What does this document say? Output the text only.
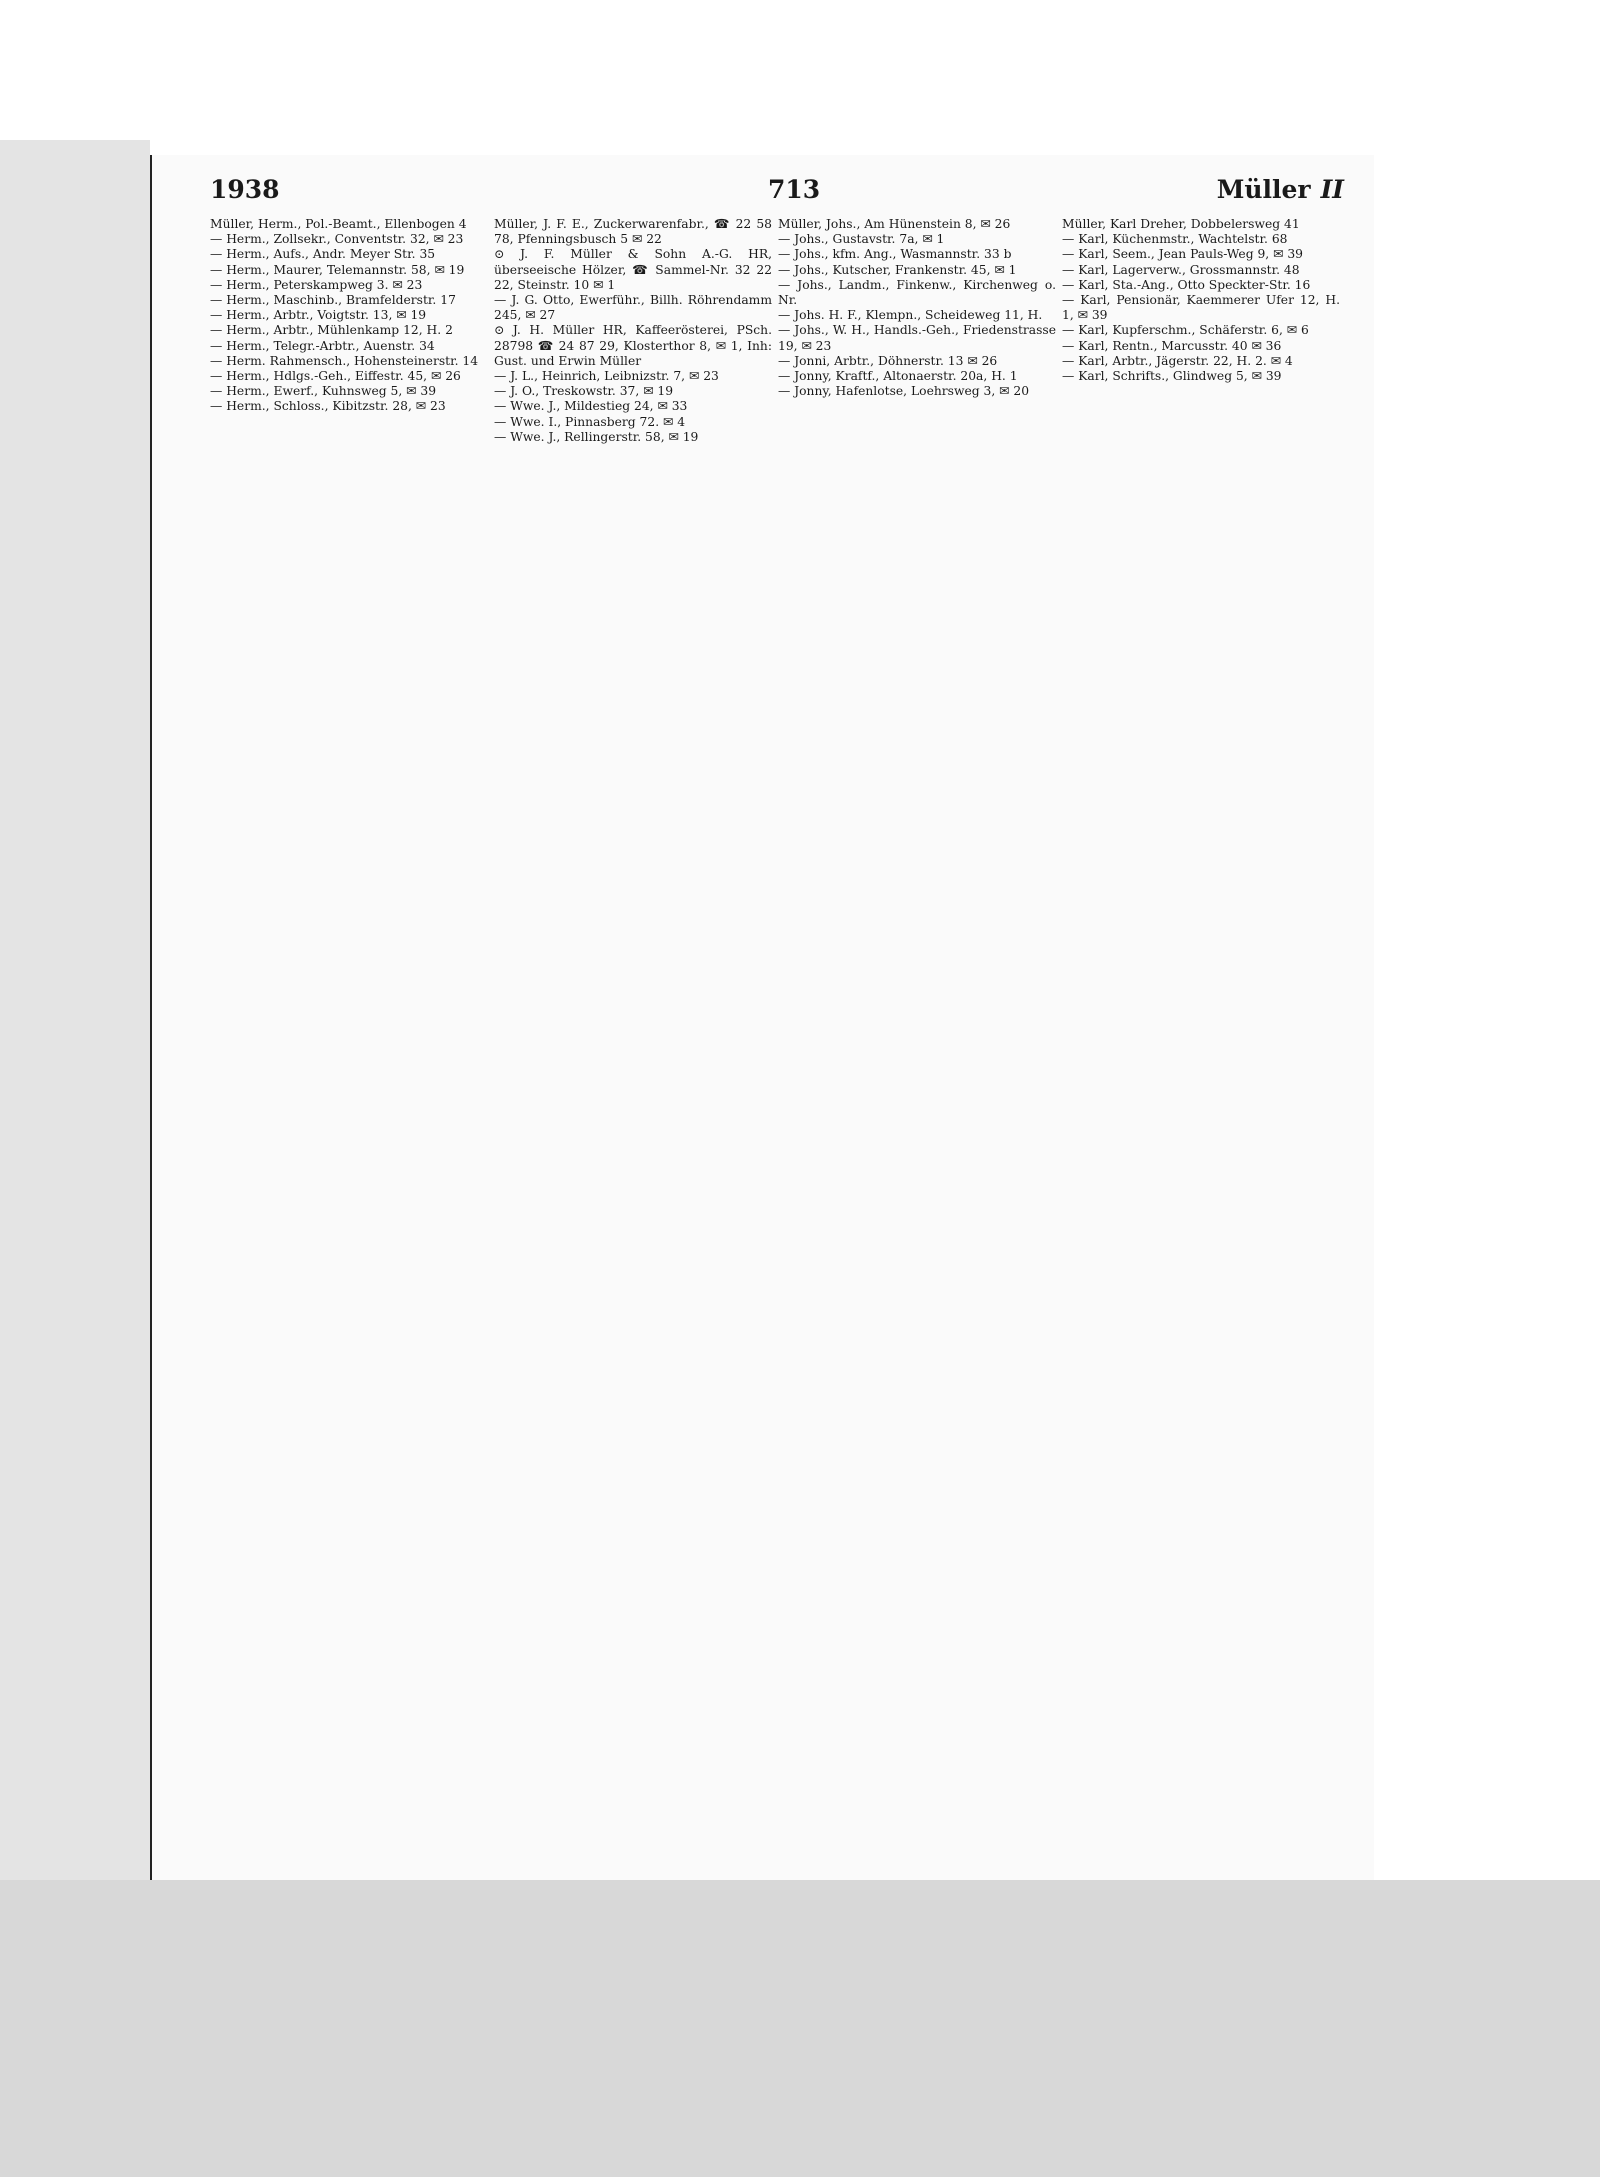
1938	713	Müller II
Müller, Herm., Pol.-Beamt., Ellenbogen 4
— Herm., Zollsekr., Conventstr. 32, ✉ 23
— Herm., Aufs., Andr. Meyer Str. 35
— Herm., Maurer, Telemannstr. 58, ✉ 19
— Herm., Peterskampweg 3. ✉ 23
— Herm., Maschinb., Bramfelderstr. 17
— Herm., Arbtr., Voigtstr. 13, ✉ 19
— Herm., Arbtr., Mühlenkamp 12, H. 2
— Herm., Telegr.-Arbtr., Auenstr. 34
— Herm. Rahmensch., Hohensteinerstr. 14
— Herm., Hdlgs.-Geh., Eiffestr. 45, ✉ 26
— Herm., Ewerf., Kuhnsweg 5, ✉ 39
— Herm., Schloss., Kibitzstr. 28, ✉ 23
Müller, J. F. E., Zuckerwarenfabr., ☎ 22 58 78, Pfenningsbusch 5 ✉ 22
⊙ J. F. Müller & Sohn A.-G. HR, überseeische Hölzer, ☎ Sammel-Nr. 32 22 22, Steinstr. 10 ✉ 1
— J. G. Otto, Ewerführ., Billh. Röhrendamm 245, ✉ 27
⊙ J. H. Müller HR, Kaffeerösterei, PSch. 28798 ☎ 24 87 29, Klosterthor 8, ✉ 1, Inh: Gust. und Erwin Müller
— J. L., Heinrich, Leibnizstr. 7, ✉ 23
— J. O., Treskowstr. 37, ✉ 19
— Wwe. J., Mildestieg 24, ✉ 33
— Wwe. I., Pinnasberg 72. ✉ 4
— Wwe. J., Rellingerstr. 58, ✉ 19
Müller, Johs., Am Hünenstein 8, ✉ 26
— Johs., Gustavstr. 7a, ✉ 1
— Johs., kfm. Ang., Wasmannstr. 33 b
— Johs., Kutscher, Frankenstr. 45, ✉ 1
— Johs., Landm., Finkenw., Kirchenweg o. Nr.
— Johs. H. F., Klempn., Scheideweg 11, H.
— Johs., W. H., Handls.-Geh., Friedenstrasse 19, ✉ 23
— Jonni, Arbtr., Döhnerstr. 13 ✉ 26
— Jonny, Kraftf., Altonaerstr. 20a, H. 1
— Jonny, Hafenlotse, Loehrsweg 3, ✉ 20
Müller, Karl Dreher, Dobbelersweg 41
— Karl, Küchenmstr., Wachtelstr. 68
— Karl, Seem., Jean Pauls-Weg 9, ✉ 39
— Karl, Lagerverw., Grossmannstr. 48
— Karl, Sta.-Ang., Otto Speckter-Str. 16
— Karl, Pensionär, Kaemmerer Ufer 12, H. 1, ✉ 39
— Karl, Kupferschm., Schäferstr. 6, ✉ 6
— Karl, Rentn., Marcusstr. 40 ✉ 36
— Karl, Arbtr., Jägerstr. 22, H. 2. ✉ 4
— Karl, Schrifts., Glindweg 5, ✉ 39
